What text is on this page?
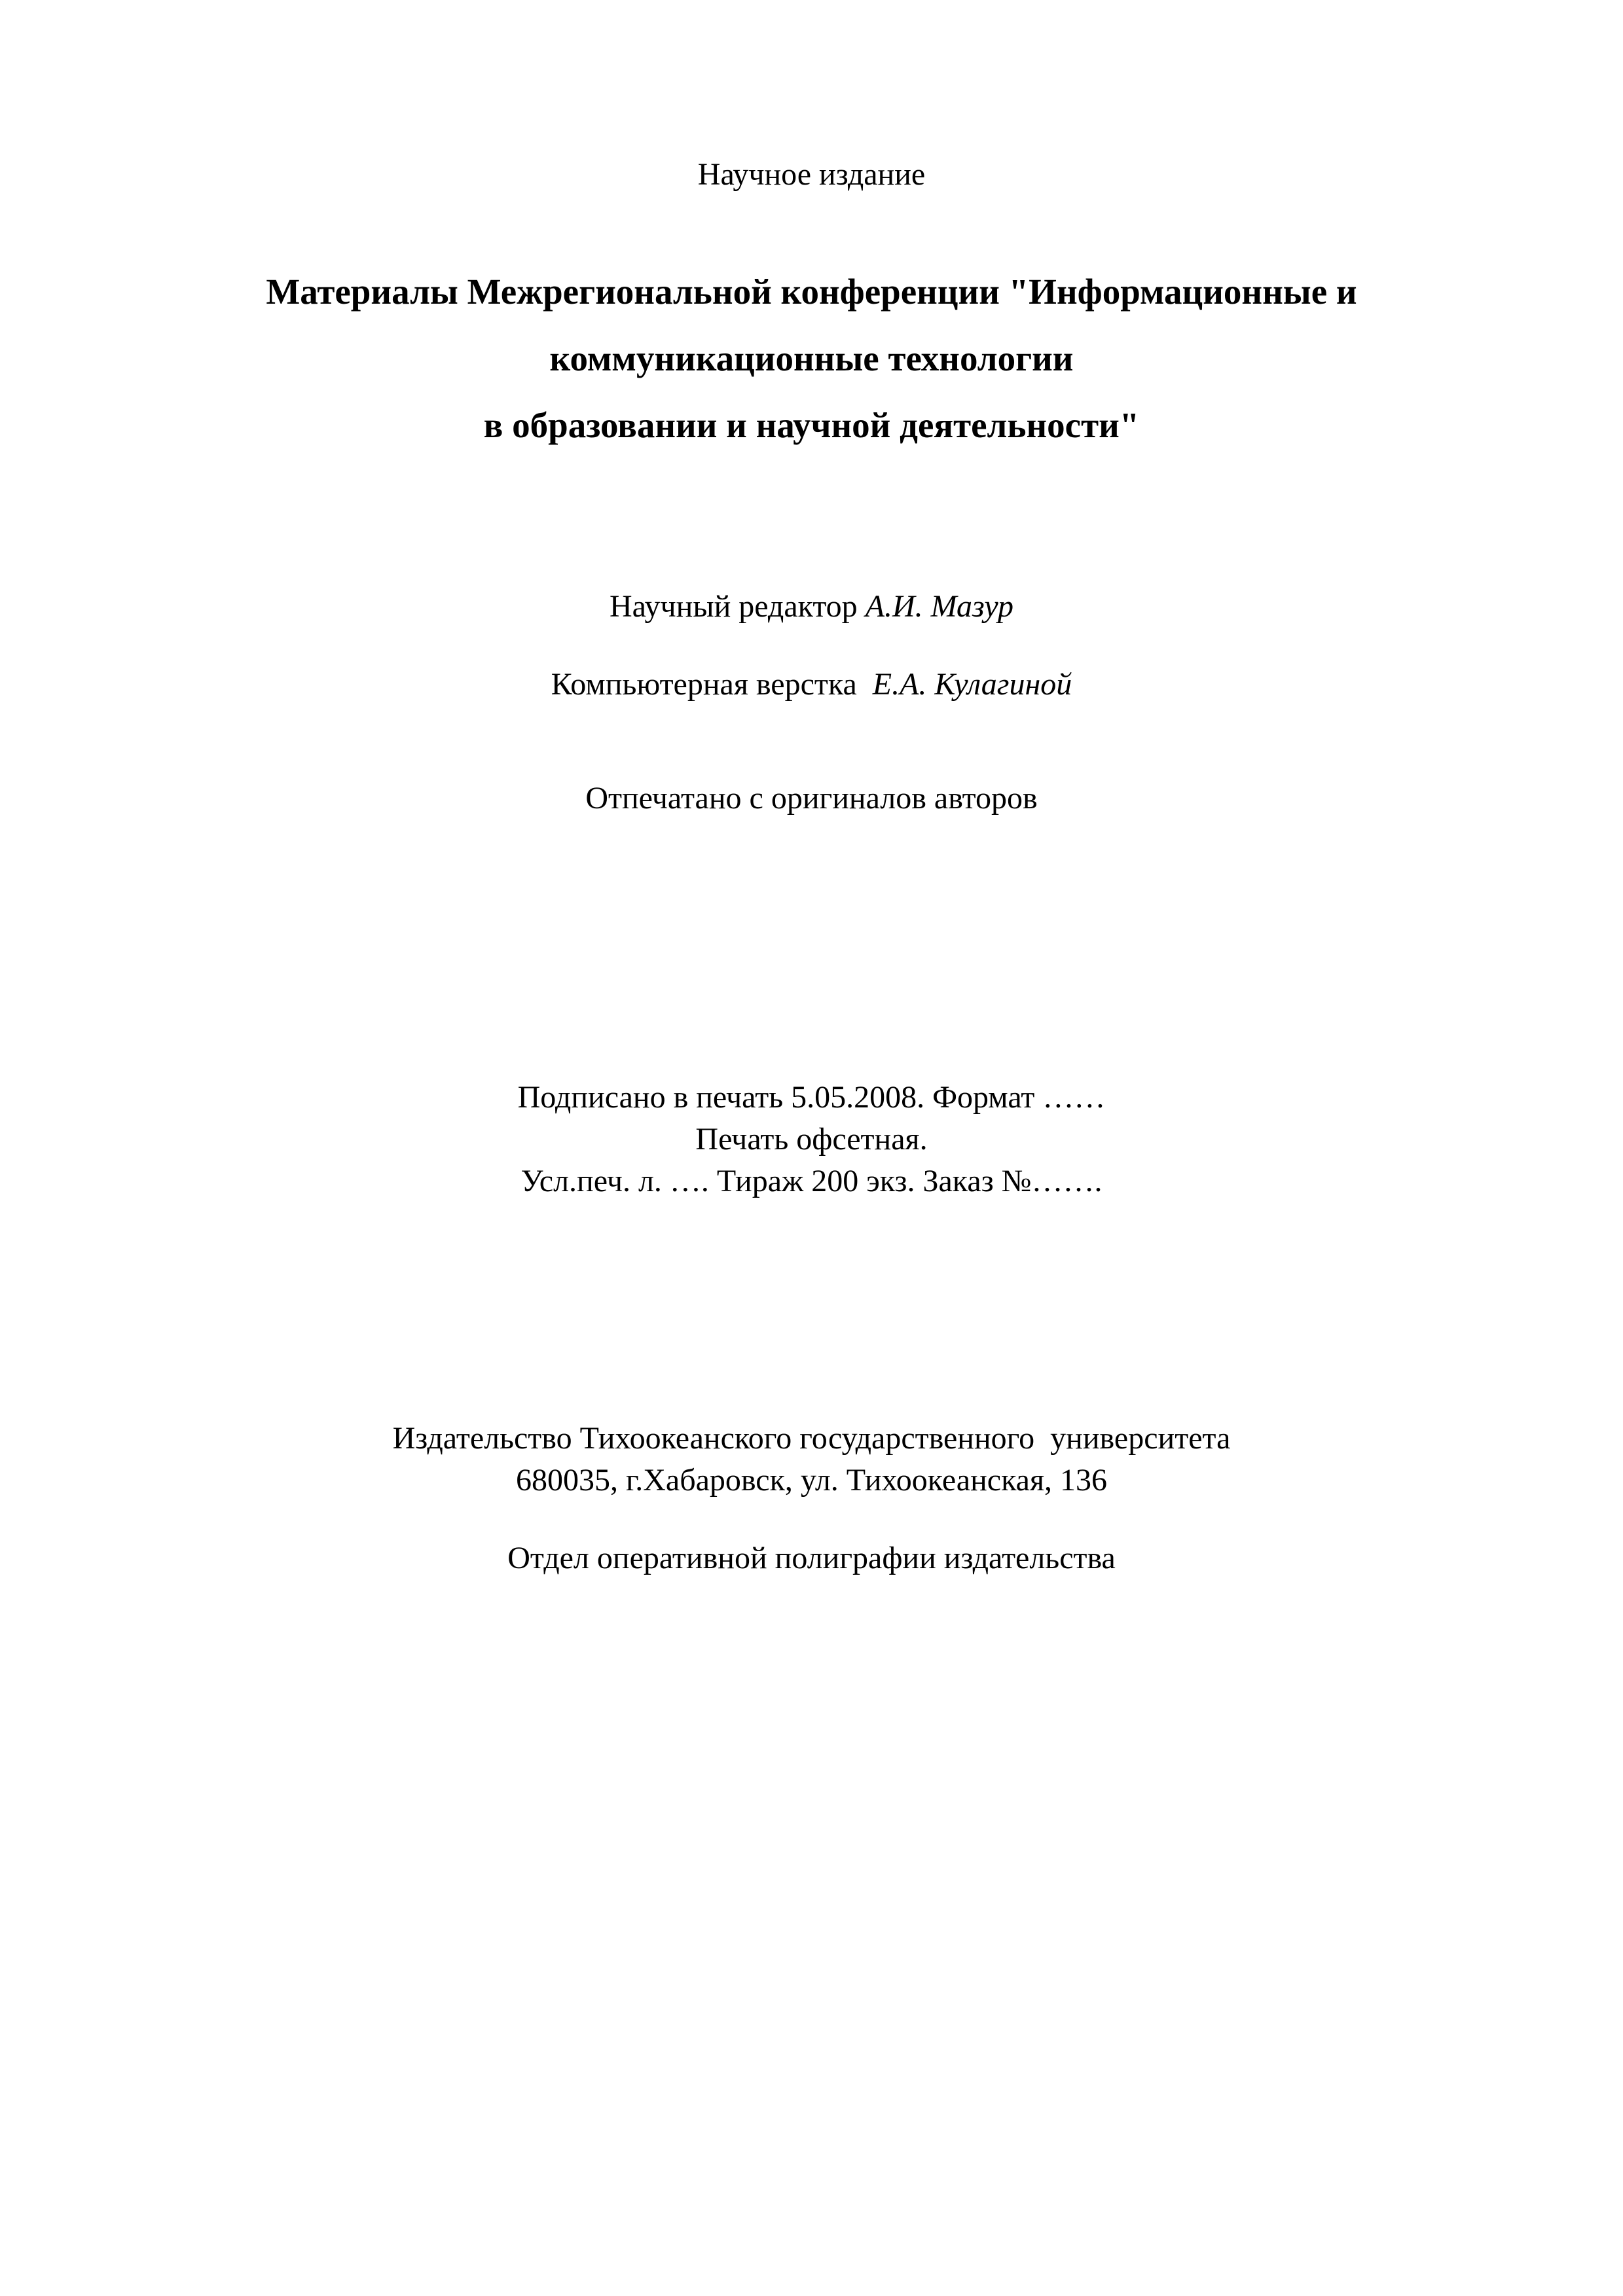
Научное издание
Материалы Межрегиональной конференции "Информационные и
коммуникационные технологии
в образовании и научной деятельности"
Научный редактор А.И. Мазур
Компьютерная верстка  Е.А. Кулагиной
Отпечатано с оригиналов авторов
Подписано в печать 5.05.2008. Формат ……
Печать офсетная.
Усл.печ. л. …. Тираж 200 экз. Заказ №…….
Издательство Тихоокеанского государственного  университета
680035, г.Хабаровск, ул. Тихоокеанская, 136
Отдел оперативной полиграфии издательства
